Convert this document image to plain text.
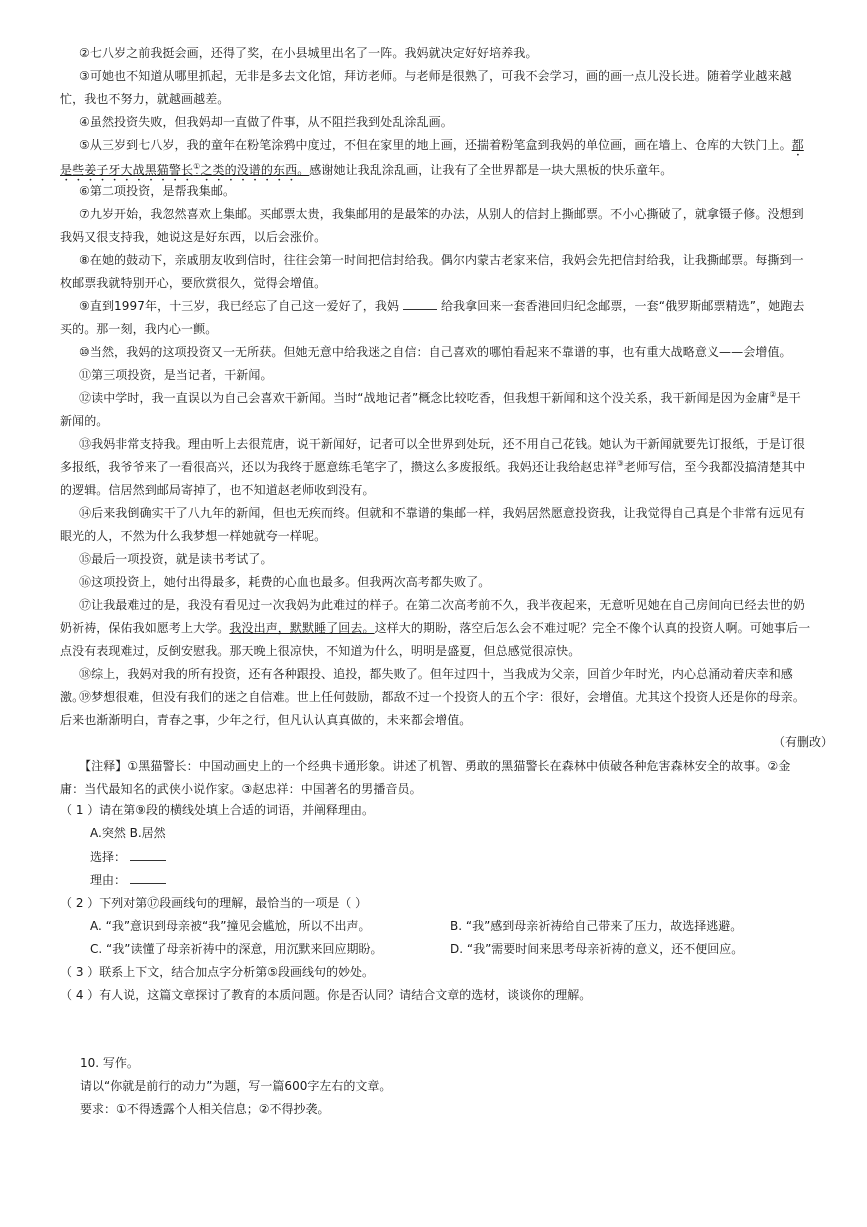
②七八岁之前我挺会画，还得了奖，在小县城里出名了一阵。我妈就决定好好培养我。

③可她也不知道从哪里抓起，无非是多去文化馆，拜访老师。与老师是很熟了，可我不会学习，画的画一点儿没长进。随着学业越来越忙，我也不努力，就越画越差。

④虽然投资失败，但我妈却一直做了件事，从不阻拦我到处乱涂乱画。

⑤从三岁到七八岁，我的童年在粉笔涂鸦中度过，不但在家里的地上画，还揣着粉笔盒到我妈的单位画，画在墙上、仓库的大铁门上。都是些姜子牙大战黑猫警长①之类的没谱的东西。感谢她让我乱涂乱画，让我有了全世界都是一块大黑板的快乐童年。

⑥第二项投资，是帮我集邮。

⑦九岁开始，我忽然喜欢上集邮。买邮票太贵，我集邮用的是最笨的办法，从别人的信封上撕邮票。不小心撕破了，就拿镊子修。没想到我妈又很支持我，她说这是好东西，以后会涨价。

⑧在她的鼓动下，亲戚朋友收到信时，往往会第一时间把信封给我。偶尔内蒙古老家来信，我妈会先把信封给我，让我撕邮票。每撕到一枚邮票我就特别开心，要欣赏很久，觉得会增值。

⑨直到1997年，十三岁，我已经忘了自己这一爱好了，我妈	给我拿回来一套香港回归纪念邮票，一套“俄罗斯邮票精选”，她跑去买的。那一刻，我内心一颤。

⑩当然，我妈的这项投资又一无所获。但她无意中给我迷之自信：自己喜欢的哪怕看起来不靠谱的事，也有重大战略意义——会增值。

⑪第三项投资，是当记者，干新闻。

⑫读中学时，我一直误以为自己会喜欢干新闻。当时“战地记者”概念比较吃香，但我想干新闻和这个没关系，我干新闻是因为金庸②是干新闻的。

⑬我妈非常支持我。理由听上去很荒唐，说干新闻好，记者可以全世界到处玩，还不用自己花钱。她认为干新闻就要先订报纸，于是订很多报纸，我爷爷来了一看很高兴，还以为我终于愿意练毛笔字了，攒这么多废报纸。我妈还让我给赵忠祥③老师写信，至今我都没搞清楚其中的逻辑。信居然到邮局寄掉了，也不知道赵老师收到没有。

⑭后来我倒确实干了八九年的新闻，但也无疾而终。但就和不靠谱的集邮一样，我妈居然愿意投资我，让我觉得自己真是个非常有远见有眼光的人，不然为什么我梦想一样她就夸一样呢。

⑮最后一项投资，就是读书考试了。

⑯这项投资上，她付出得最多，耗费的心血也最多。但我两次高考都失败了。

⑰让我最难过的是，我没有看见过一次我妈为此难过的样子。在第二次高考前不久，我半夜起来，无意听见她在自己房间向已经去世的奶奶祈祷，保佑我如愿考上大学。我没出声，默默睡了回去。这样大的期盼，落空后怎么会不难过呢？完全不像个认真的投资人啊。可她事后一点没有表现难过，反倒安慰我。那天晚上很凉快，不知道为什么，明明是盛夏，但总感觉很凉快。

⑱综上，我妈对我的所有投资，还有各种跟投、追投，都失败了。但年过四十，当我成为父亲，回首少年时光，内心总涌动着庆幸和感激。

⑲梦想很难，但没有我们的迷之自信难。世上任何鼓励，都敌不过一个投资人的五个字：很好，会增值。尤其这个投资人还是你的母亲。后来也渐渐明白，青春之事，少年之行，但凡认认真真做的，未来都会增值。

（有删改）

【注释】①黑猫警长：中国动画史上的一个经典卡通形象。讲述了机智、勇敢的黑猫警长在森林中侦破各种危害森林安全的故事。②金庸：当代最知名的武侠小说作家。③赵忠祥：中国著名的男播音员。

（ 1 ）请在第⑨段的横线处填上合适的词语，并阐释理由。
A.突然 B.居然
选择：
理由：
（ 2 ）下列对第⑰段画线句的理解，最恰当的一项是（ ）
A. “我”意识到母亲被“我”撞见会尴尬，所以不出声。	B. “我”感到母亲祈祷给自己带来了压力，故选择逃避。
C. “我”读懂了母亲祈祷中的深意，用沉默来回应期盼。	D. “我”需要时间来思考母亲祈祷的意义，还不便回应。
（ 3 ）联系上下文，结合加点字分析第⑤段画线句的妙处。
（ 4 ）有人说，这篇文章探讨了教育的本质问题。你是否认同？请结合文章的选材，谈谈你的理解。
10. 写作。
请以“你就是前行的动力”为题，写一篇600字左右的文章。
要求：①不得透露个人相关信息；②不得抄袭。
